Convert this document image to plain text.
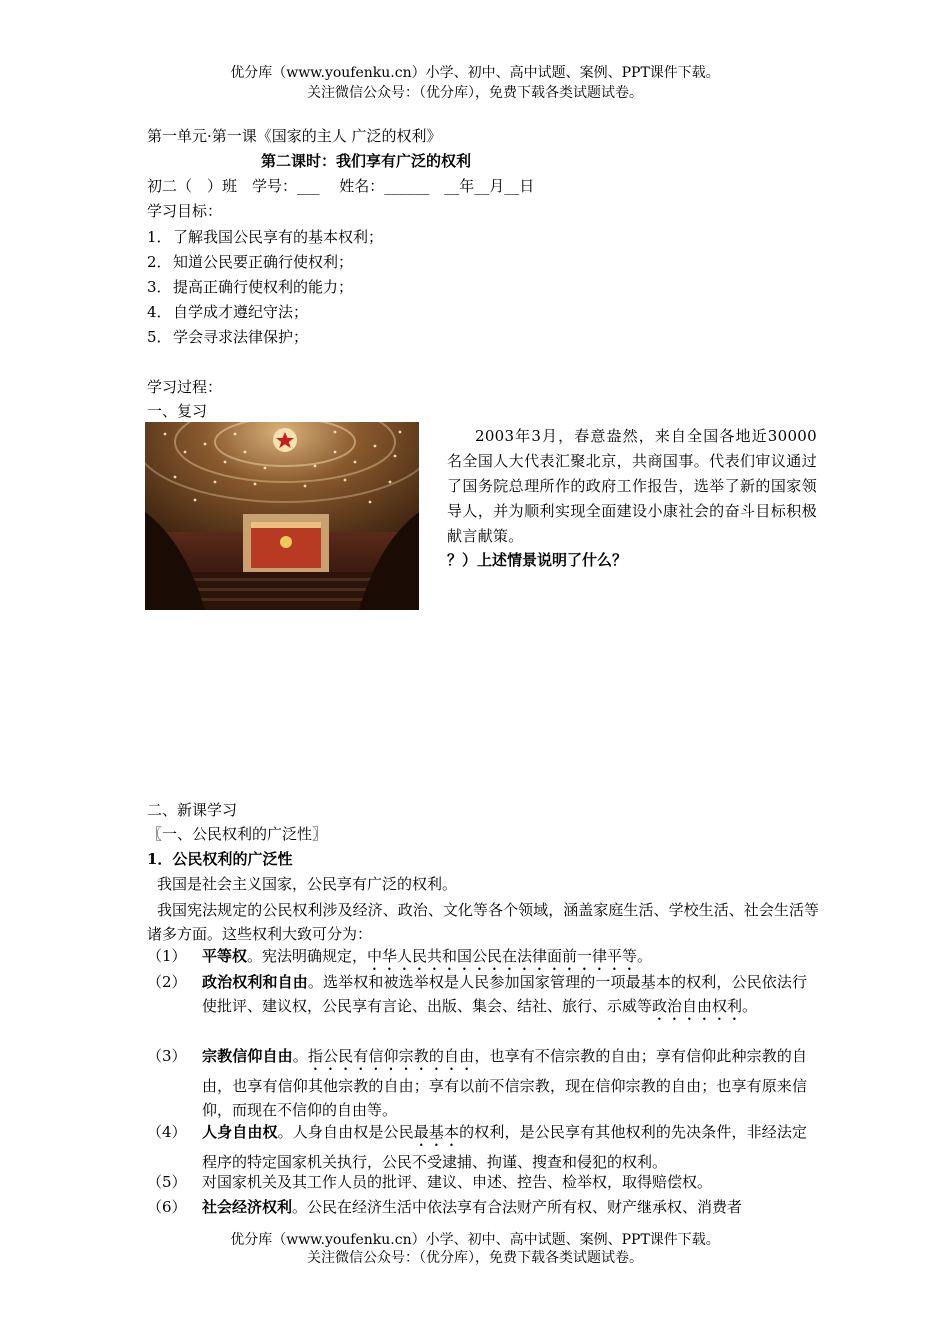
优分库（www.youfenku.cn）小学、初中、高中试题、案例、PPT课件下载。
关注微信公众号：（优分库），免费下载各类试题试卷。
第一单元·第一课《国家的主人 广泛的权利》
第二课时：我们享有广泛的权利
初二（　）班　学号：___　 姓名：______　__年__月__日
学习目标：
1． 了解我国公民享有的基本权利；
2． 知道公民要正确行使权利；
3． 提高正确行使权利的能力；
4． 自学成才遵纪守法；
5． 学会寻求法律保护；
学习过程：
一、复习
2003年3月，春意盎然，来自全国各地近30000名全国人大代表汇聚北京，共商国事。代表们审议通过了国务院总理所作的政府工作报告，选举了新的国家领导人，并为顺利实现全面建设小康社会的奋斗目标积极献言献策。
？）上述情景说明了什么？
二、新课学习
〖一、公民权利的广泛性〗
1．公民权利的广泛性
我国是社会主义国家，公民享有广泛的权利。
我国宪法规定的公民权利涉及经济、政治、文化等各个领域，涵盖家庭生活、学校生活、社会生活等诸多方面。这些权利大致可分为：
（1） 平等权。宪法明确规定，中华人民共和国公民在法律面前一律平等。
（2） 政治权利和自由。选举权和被选举权是人民参加国家管理的一项最基本的权利，公民依法行使批评、建议权，公民享有言论、出版、集会、结社、旅行、示威等政治自由权利。
（3） 宗教信仰自由。指公民有信仰宗教的自由，也享有不信宗教的自由；享有信仰此种宗教的自由，也享有信仰其他宗教的自由；享有以前不信宗教，现在信仰宗教的自由；也享有原来信仰，而现在不信仰的自由等。
（4） 人身自由权。人身自由权是公民最基本的权利，是公民享有其他权利的先决条件，非经法定程序的特定国家机关执行，公民不受逮捕、拘谨、搜查和侵犯的权利。
（5） 对国家机关及其工作人员的批评、建议、申述、控告、检举权，取得赔偿权。
（6） 社会经济权利。公民在经济生活中依法享有合法财产所有权、财产继承权、消费者
优分库（www.youfenku.cn）小学、初中、高中试题、案例、PPT课件下载。
关注微信公众号：（优分库），免费下载各类试题试卷。
